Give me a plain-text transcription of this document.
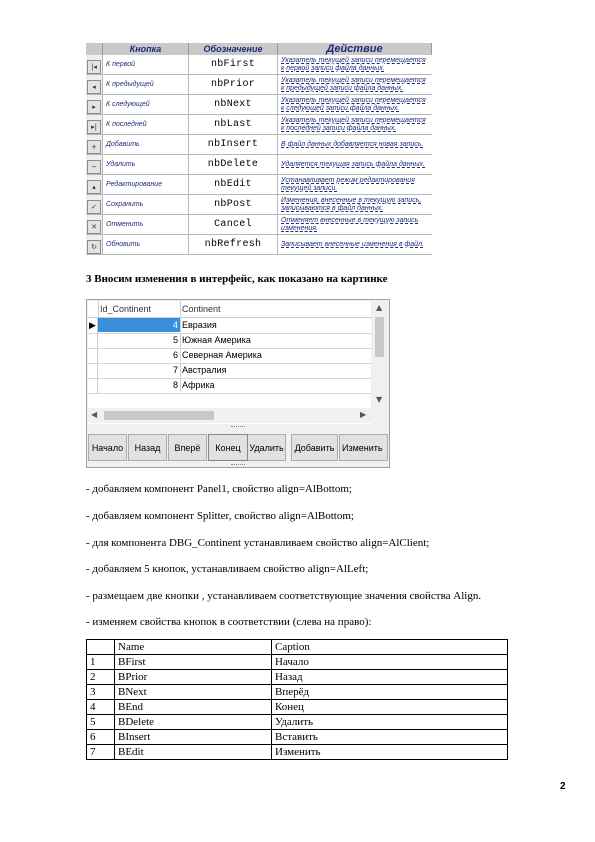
	Кнопка	Обозначение	Действие
|◂	К первой	nbFirst	Указатель текущей записи перемещается
к первой записи файла данных.
◂	К предыдущей	nbPrior	Указатель текущей записи перемещается
к предыдущей записи файла данных.
▸	К следующей	nbNext	Указатель текущей записи перемещается
к следующей записи файла данных.
▸|	К последней	nbLast	Указатель текущей записи перемещается
к последней записи файла данных.
+	Добавить	nbInsert	В файл данных добавляется новая запись.
−	Удалить	nbDelete	Удаляется текущая запись файла данных.
▴	Редактирование	nbEdit	Устанавливает режим редактирования
текущей записи.
✓	Сохранить	nbPost	Изменения, внесенные в текущую запись,
записываются в файл данных.
✕	Отменить	Cancel	Отменяет внесенные в текущую запись
изменения.
↻	Обновить	nbRefresh	Записывает внесенные изменения в файл.
3 Вносим изменения в интерфейс, как показано на картинке
Id_Continent	Continent
▶	4 Евразия
5 Южная Америка
6 Северная Америка
7 Австралия
8 Африка
▲
▼
◀	▶
Начало	Назад	Вперё	Конец Удалить	Добавить Изменить
- добавляем компонент Panel1, свойство align=AlBottom;
- добавляем компонент Splitter, свойство align=AlBottom;
- для компонента DBG_Continent устанавливаем свойство align=AlClient;
- добавляем 5 кнопок, устанавливаем свойство align=AlLeft;
- размещаем две кнопки , устанавливаем соответствующие значения свойства Align.
- изменяем свойства кнопок в соответствии (слева на право):
	Name	Caption
1	BFirst	Начало
2	BPrior	Назад
3	BNext	Вперёд
4	BEnd	Конец
5	BDelete	Удалить
6	BInsert	Вставить
7	BEdit	Изменить
2
